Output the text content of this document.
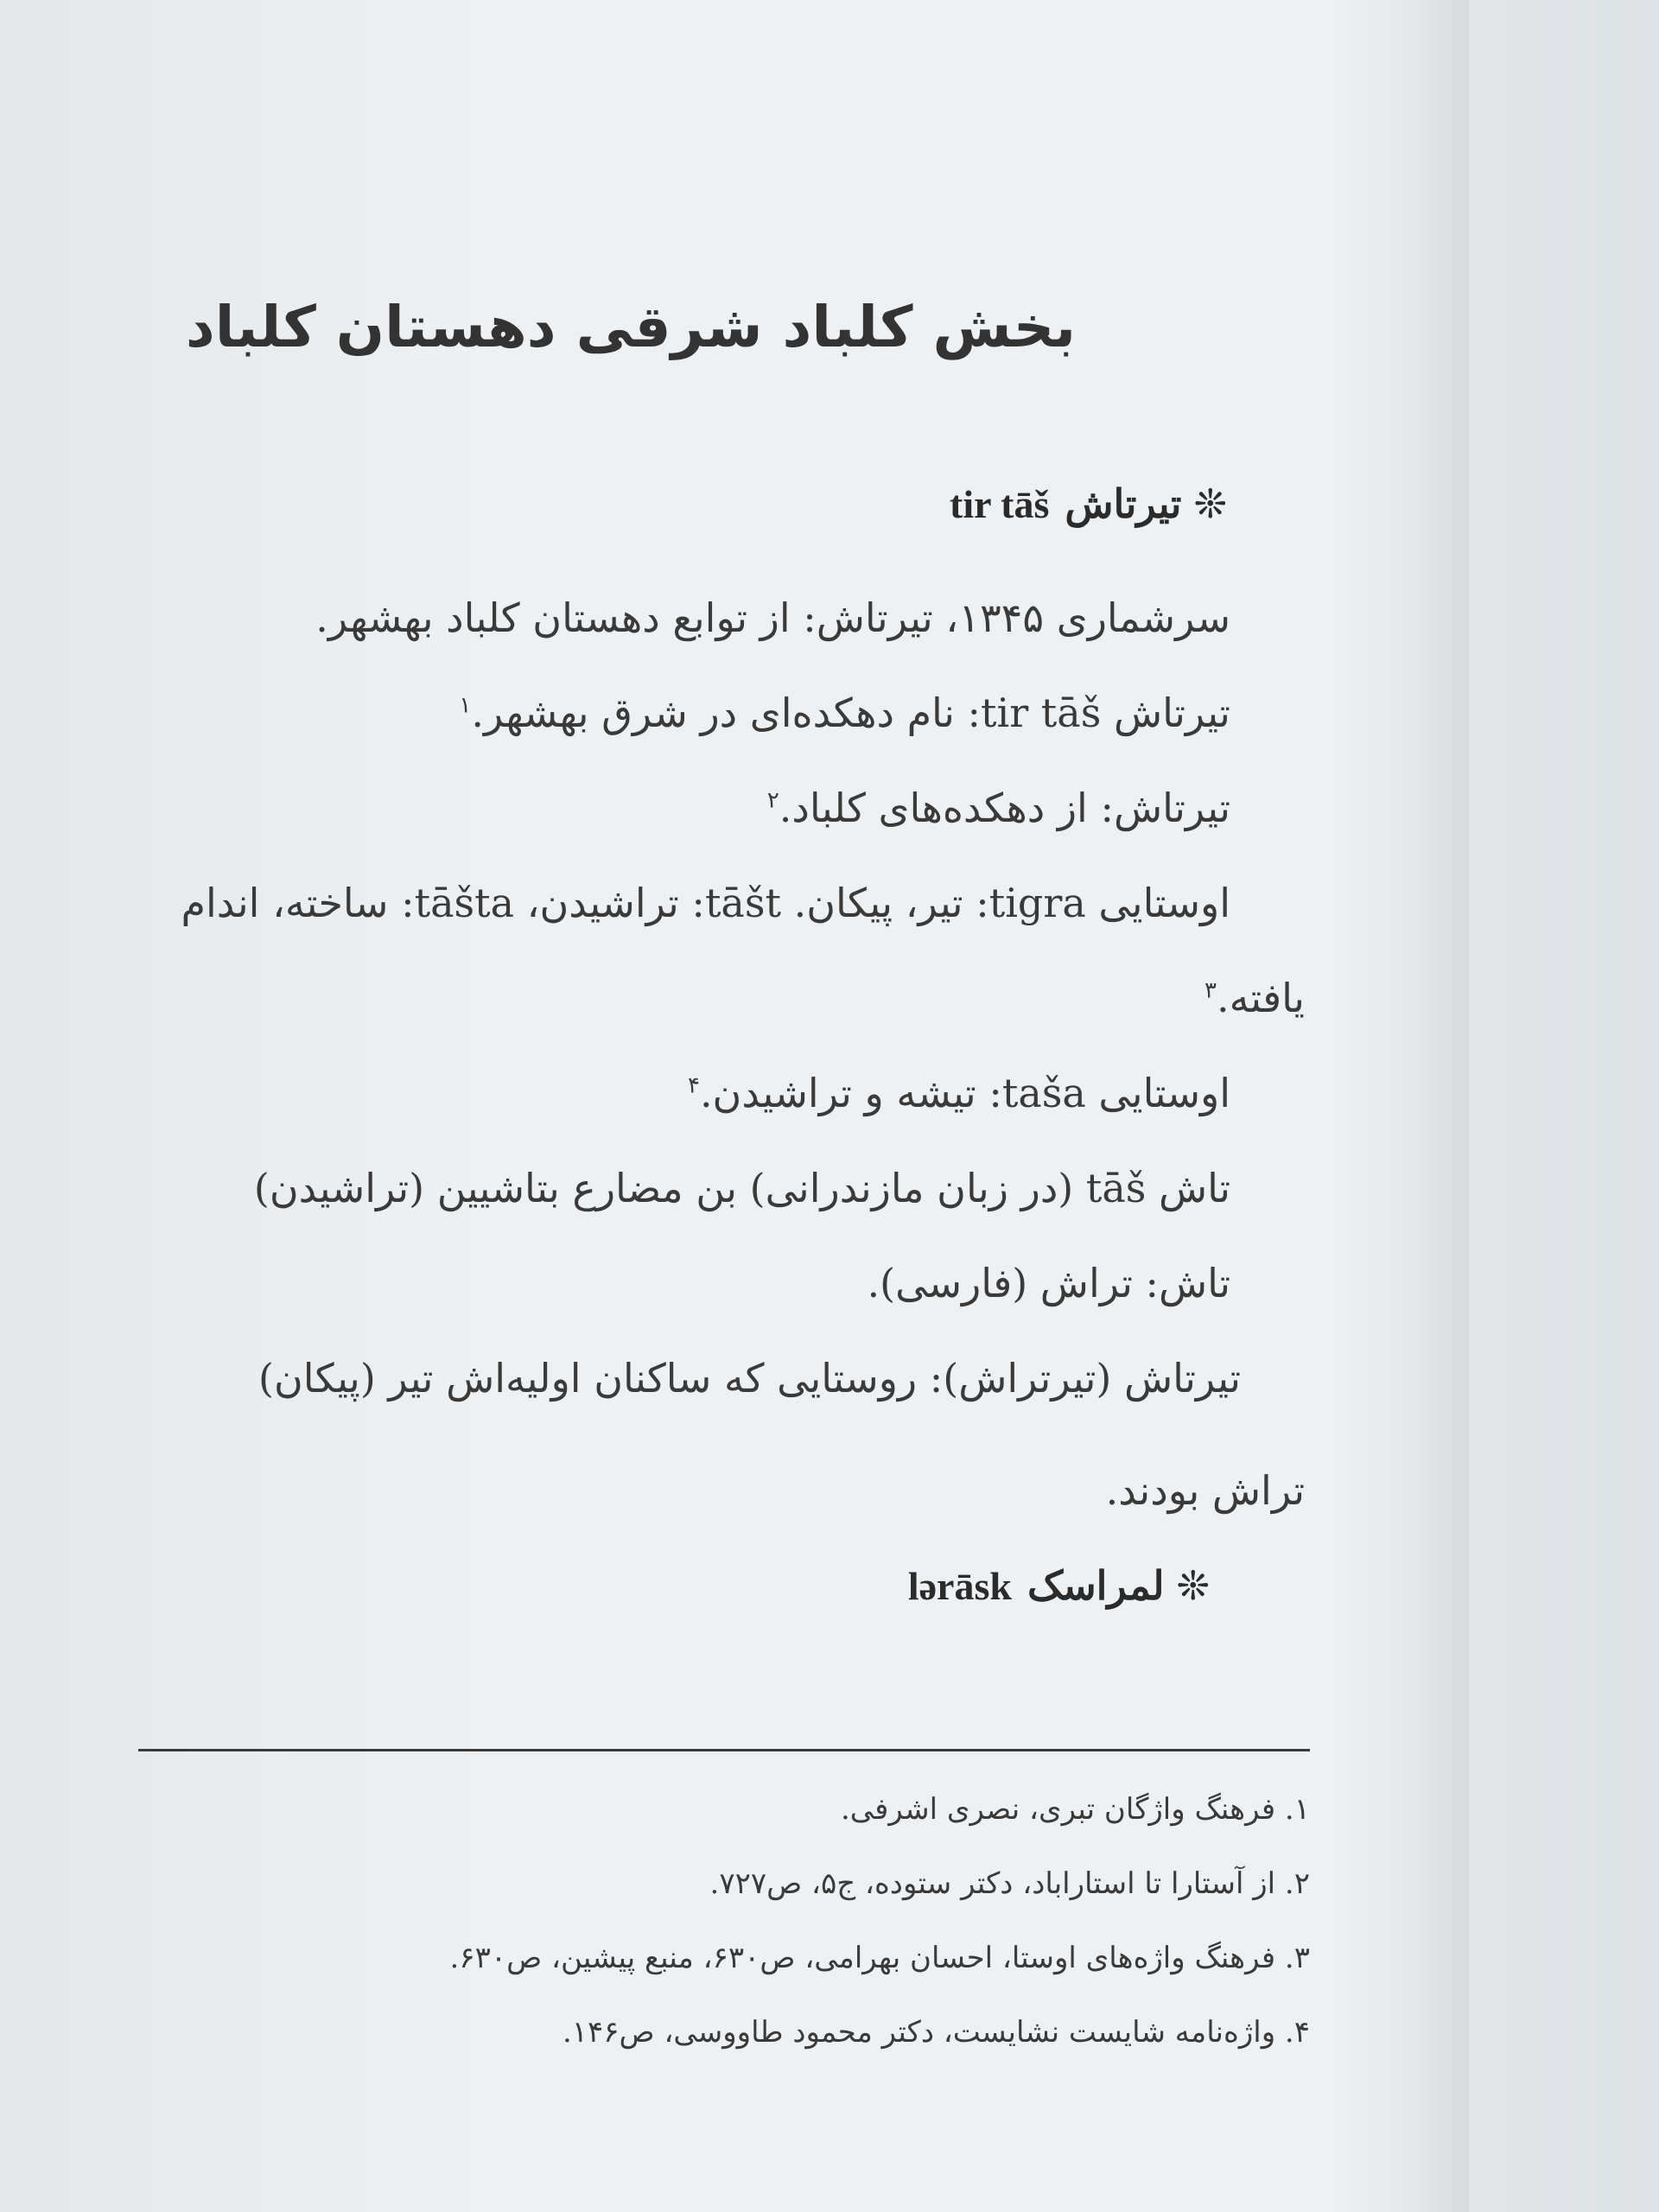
بخش کلباد شرقی دهستان کلباد
❊تیرتاشtir tāš
سرشماری ۱۳۴۵، تیرتاش: از توابع دهستان کلباد بهشهر.
تیرتاش tir tāš: نام دهکده‌ای در شرق بهشهر.$^۱$
تیرتاش: از دهکده‌های کلباد.$^۲$
اوستایی tigra: تیر، پیکان. tāšt: تراشیدن، tāšta: ساخته، اندام
یافته.$^۳$
اوستایی taša: تیشه و تراشیدن.$^۴$
تاش tāš (در زبان مازندرانی) بن مضارع بتاشیین (تراشیدن)
تاش: تراش (فارسی).
تیرتاش (تیرتراش): روستایی که ساکنان اولیه‌اش تیر (پیکان)
تراش بودند.
❊لمراسکlərāsk
۱. فرهنگ واژگان تبری، نصری اشرفی.
۲. از آستارا تا استاراباد، دکتر ستوده، ج۵، ص۷۲۷.
۳. فرهنگ واژه‌های اوستا، احسان بهرامی، ص۶۳۰، منبع پیشین، ص۶۳۰.
۴. واژه‌نامه شایست نشایست، دکتر محمود طاووسی، ص۱۴۶.
